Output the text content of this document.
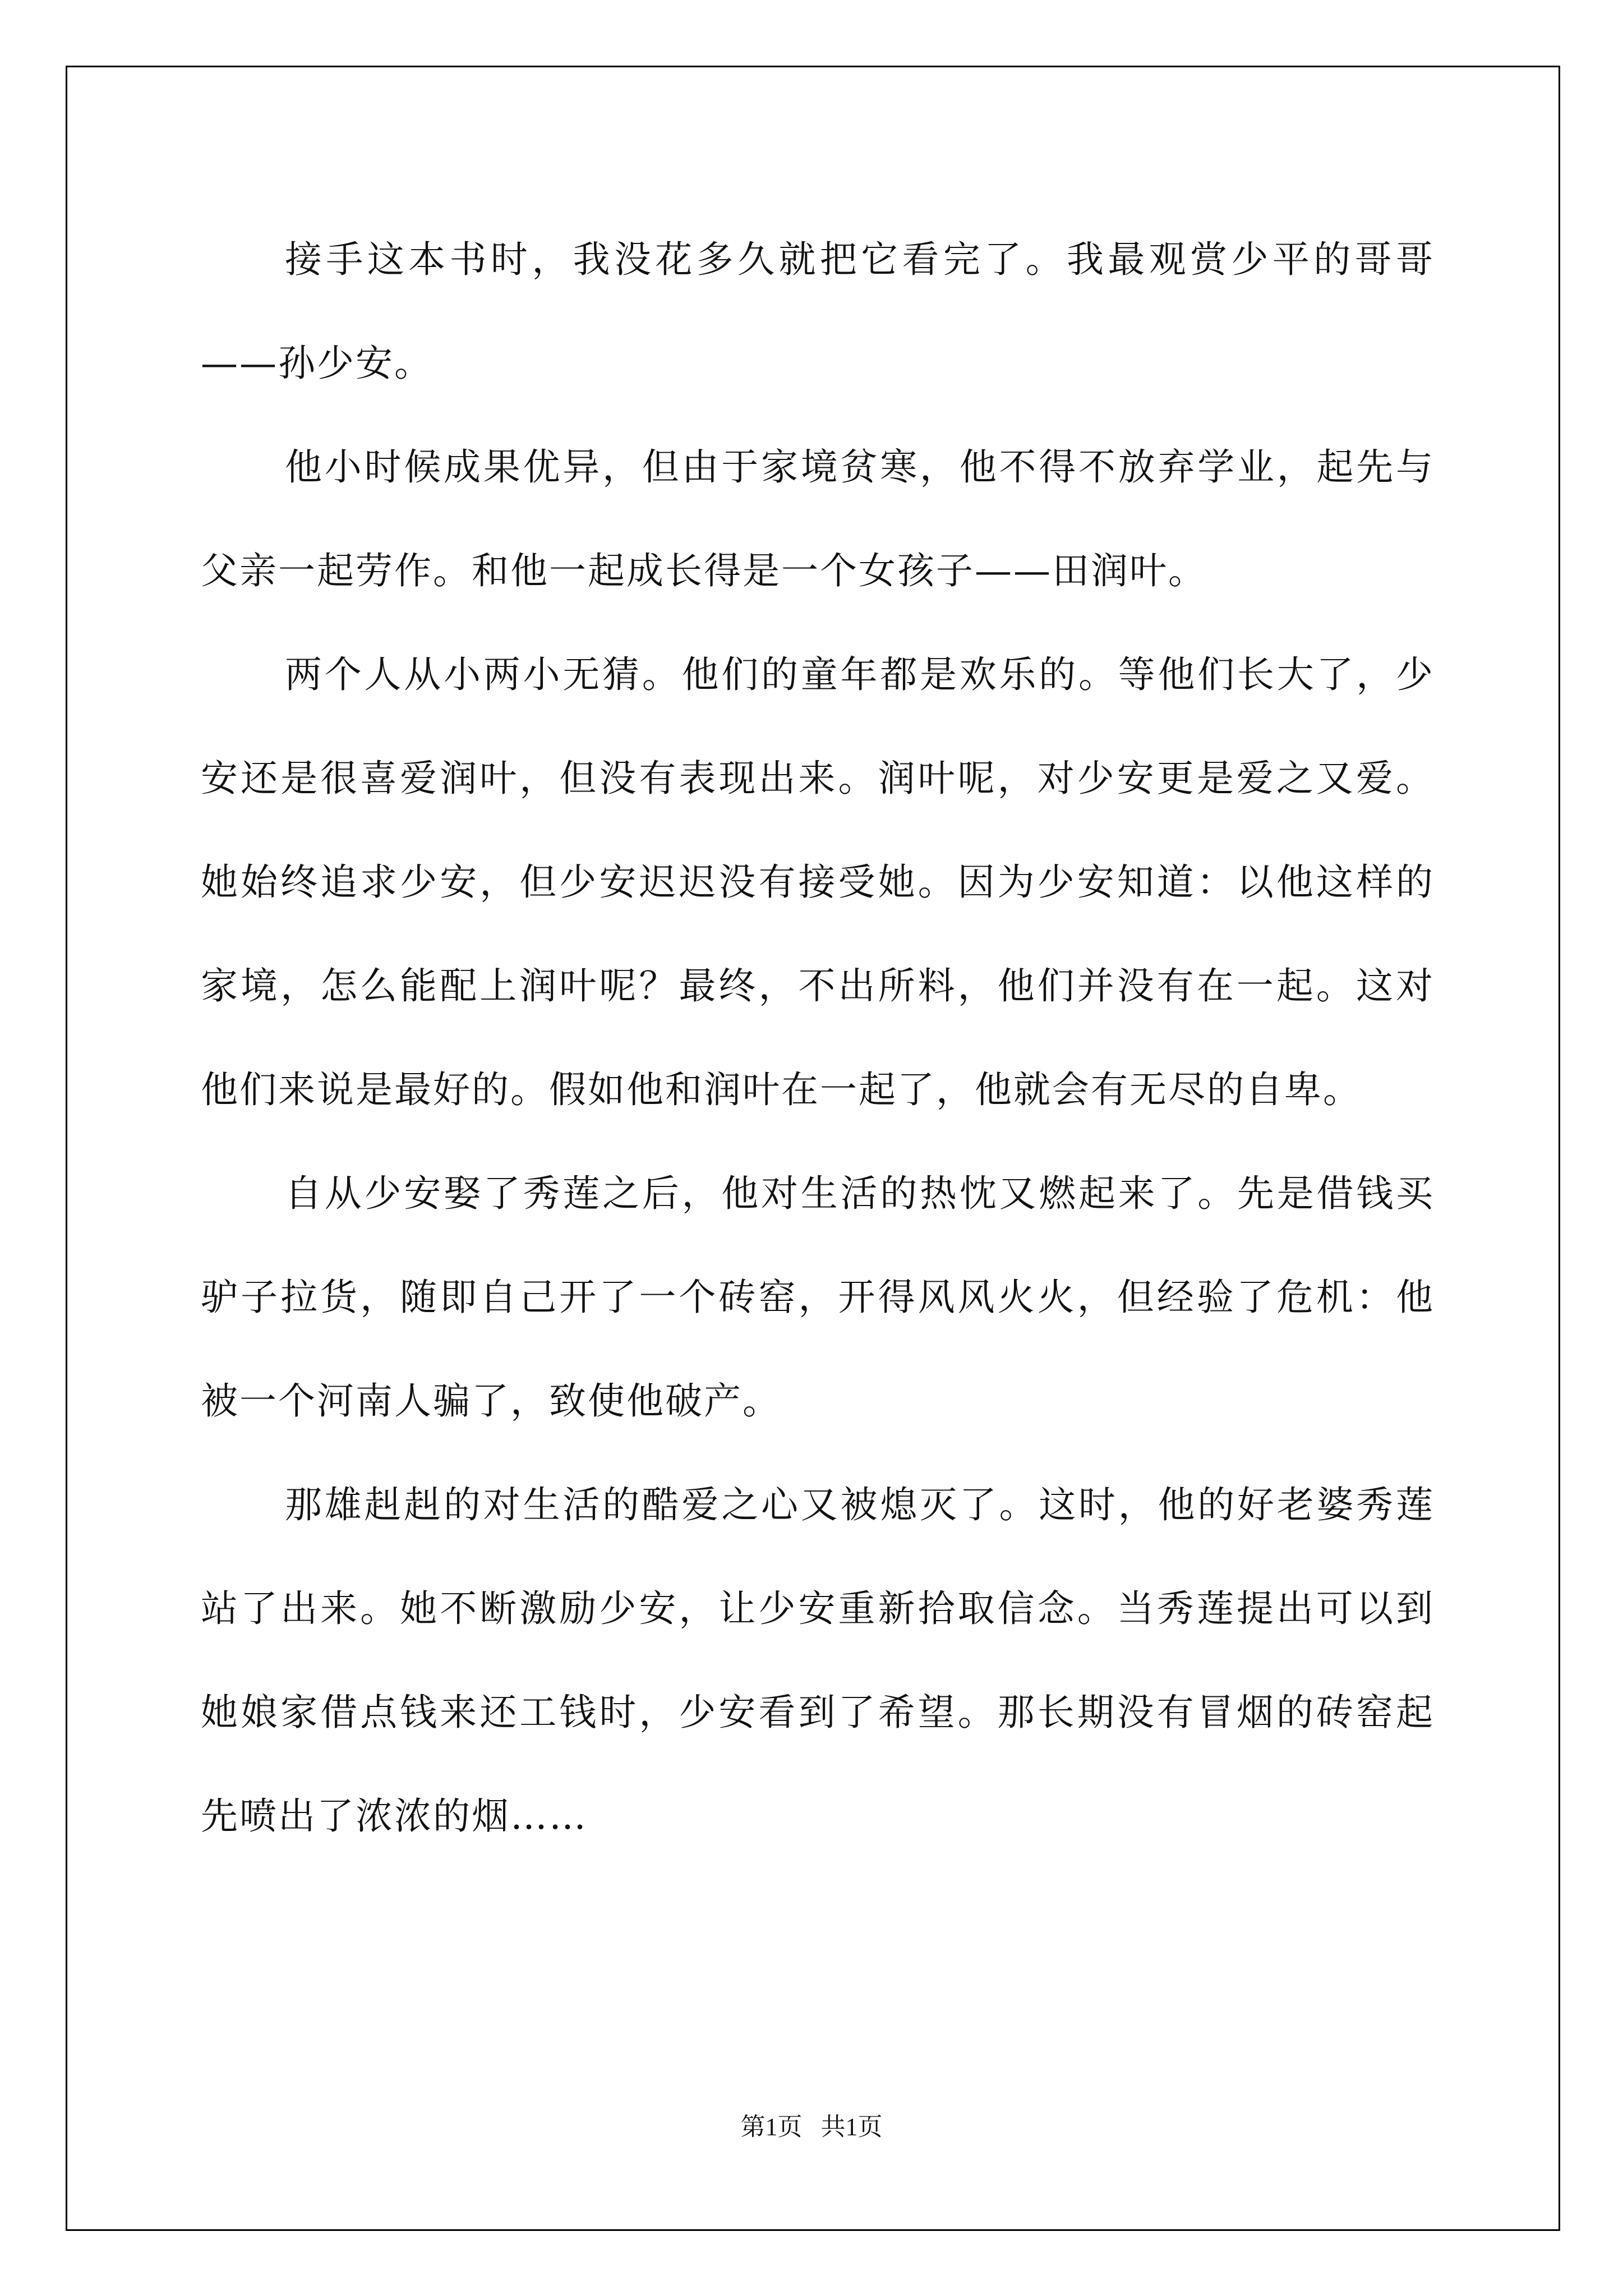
接手这本书时，我没花多久就把它看完了。我最观赏少平的哥哥——孙少安。

他小时候成果优异，但由于家境贫寒，他不得不放弃学业，起先与父亲一起劳作。和他一起成长得是一个女孩子——田润叶。

两个人从小两小无猜。他们的童年都是欢乐的。等他们长大了，少安还是很喜爱润叶，但没有表现出来。润叶呢，对少安更是爱之又爱。她始终追求少安，但少安迟迟没有接受她。因为少安知道：以他这样的家境，怎么能配上润叶呢？最终，不出所料，他们并没有在一起。这对他们来说是最好的。假如他和润叶在一起了，他就会有无尽的自卑。

自从少安娶了秀莲之后，他对生活的热忱又燃起来了。先是借钱买驴子拉货，随即自己开了一个砖窑，开得风风火火，但经验了危机：他被一个河南人骗了，致使他破产。

那雄赳赳的对生活的酷爱之心又被熄灭了。这时，他的好老婆秀莲站了出来。她不断激励少安，让少安重新拾取信念。当秀莲提出可以到她娘家借点钱来还工钱时，少安看到了希望。那长期没有冒烟的砖窑起先喷出了浓浓的烟……

第1页   共1页
